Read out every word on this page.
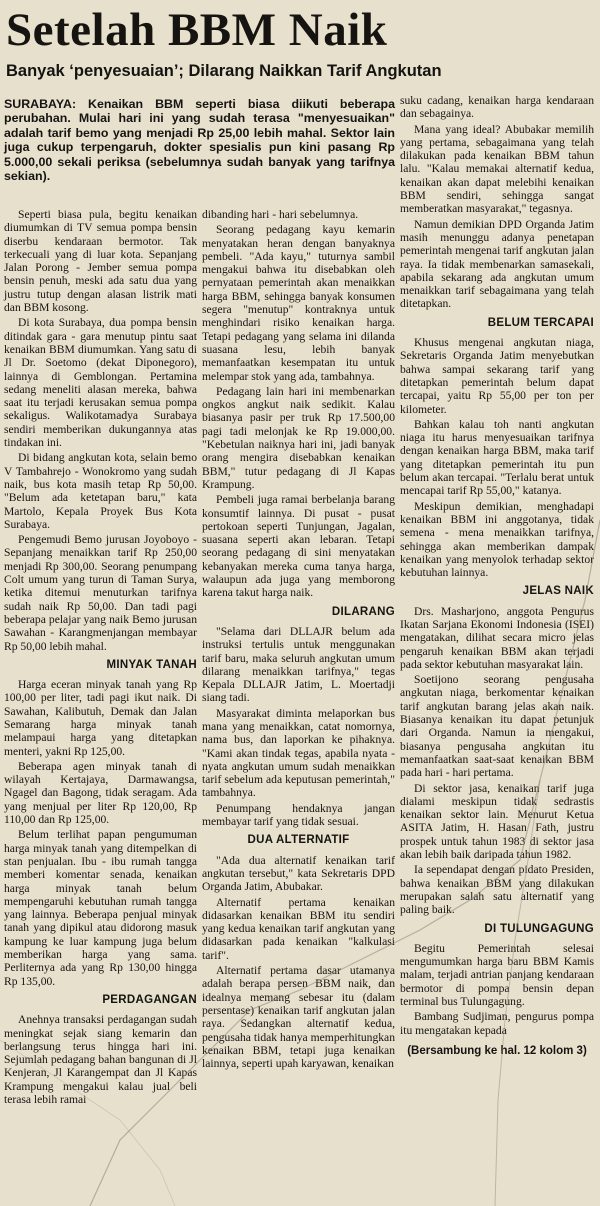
Setelah BBM Naik
Banyak ‘penyesuaian’; Dilarang Naikkan Tarif Angkutan
SURABAYA: Kenaikan BBM seperti biasa diikuti beberapa perubahan. Mulai hari ini yang sudah terasa "menyesuaikan" adalah tarif bemo yang menjadi Rp 25,00 lebih mahal. Sektor lain juga cukup terpengaruh, dokter spesialis pun kini pasang Rp 5.000,00 sekali periksa (sebelumnya sudah banyak yang tarifnya sekian).

Seperti biasa pula, begitu kenaikan diumumkan di TV semua pompa bensin diserbu kendaraan bermotor. Tak terkecuali yang di luar kota. Sepanjang Jalan Porong - Jember semua pompa bensin penuh, meski ada satu dua yang justru tutup dengan alasan listrik mati dan BBM kosong.

Di kota Surabaya, dua pompa bensin ditindak gara - gara menutup pintu saat kenaikan BBM diumumkan. Yang satu di Jl Dr. Soetomo (dekat Diponegoro), lainnya di Gemblongan. Pertamina sedang meneliti alasan mereka, bahwa saat itu terjadi kerusakan semua pompa sekaligus. Walikotamadya Surabaya sendiri memberikan dukungannya atas tindakan ini.

Di bidang angkutan kota, selain bemo V Tambahrejo - Wonokromo yang sudah naik, bus kota masih tetap Rp 50,00. "Belum ada ketetapan baru," kata Martolo, Kepala Proyek Bus Kota Surabaya.

Pengemudi Bemo jurusan Joyoboyo - Sepanjang menaikkan tarif Rp 250,00 menjadi Rp 300,00. Seorang penumpang Colt umum yang turun di Taman Surya, ketika ditemui menuturkan tarifnya sudah naik Rp 50,00. Dan tadi pagi beberapa pelajar yang naik Bemo jurusan Sawahan - Karangmenjangan membayar Rp 50,00 lebih mahal.

MINYAK TANAH

Harga eceran minyak tanah yang Rp 100,00 per liter, tadi pagi ikut naik. Di Sawahan, Kalibutuh, Demak dan Jalan Semarang harga minyak tanah melampaui harga yang ditetapkan menteri, yakni Rp 125,00.

Beberapa agen minyak tanah di wilayah Kertajaya, Darmawangsa, Ngagel dan Bagong, tidak seragam. Ada yang menjual per liter Rp 120,00, Rp 110,00 dan Rp 125,00.

Belum terlihat papan pengumuman harga minyak tanah yang ditempelkan di stan penjualan. Ibu - ibu rumah tangga memberi komentar senada, kenaikan harga minyak tanah belum mempengaruhi kebutuhan rumah tangga yang lainnya. Beberapa penjual minyak tanah yang dipikul atau didorong masuk kampung ke luar kampung juga belum memberikan harga yang sama. Perliternya ada yang Rp 130,00 hingga Rp 135,00.

PERDAGANGAN

Anehnya transaksi perdagangan sudah meningkat sejak siang kemarin dan berlangsung terus hingga hari ini. Sejumlah pedagang bahan bangunan di Jl Kenjeran, Jl Karangempat dan Jl Kapas Krampung mengakui kalau jual beli terasa lebih ramai

dibanding hari - hari sebelumnya.

Seorang pedagang kayu kemarin menyatakan heran dengan banyaknya pembeli. "Ada kayu," tuturnya sambil mengakui bahwa itu disebabkan oleh pernyataan pemerintah akan menaikkan harga BBM, sehingga banyak konsumen segera "menutup" kontraknya untuk menghindari risiko kenaikan harga. Tetapi pedagang yang selama ini dilanda suasana lesu, lebih banyak memanfaatkan kesempatan itu untuk melempar stok yang ada, tambahnya.

Pedagang lain hari ini membenarkan ongkos angkut naik sedikit. Kalau biasanya pasir per truk Rp 17.500,00 pagi tadi melonjak ke Rp 19.000,00. "Kebetulan naiknya hari ini, jadi banyak orang mengira disebabkan kenaikan BBM," tutur pedagang di Jl Kapas Krampung.

Pembeli juga ramai berbelanja barang konsumtif lainnya. Di pusat - pusat pertokoan seperti Tunjungan, Jagalan, suasana seperti akan lebaran. Tetapi seorang pedagang di sini menyatakan kebanyakan mereka cuma tanya harga, walaupun ada juga yang memborong karena takut harga naik.

DILARANG

"Selama dari DLLAJR belum ada instruksi tertulis untuk menggunakan tarif baru, maka seluruh angkutan umum dilarang menaikkan tarifnya," tegas Kepala DLLAJR Jatim, L. Moertadji siang tadi.

Masyarakat diminta melaporkan bus mana yang menaikkan, catat nomornya, nama bus, dan laporkan ke pihaknya. "Kami akan tindak tegas, apabila nyata - nyata angkutan umum sudah menaikkan tarif sebelum ada keputusan pemerintah," tambahnya.

Penumpang hendaknya jangan membayar tarif yang tidak sesuai.

DUA ALTERNATIF

"Ada dua alternatif kenaikan tarif angkutan tersebut," kata Sekretaris DPD Organda Jatim, Abubakar.

Alternatif pertama kenaikan didasarkan kenaikan BBM itu sendiri yang kedua kenaikan tarif angkutan yang didasarkan pada kenaikan "kalkulasi tarif".

Alternatif pertama dasar utamanya adalah berapa persen BBM naik, dan idealnya memang sebesar itu (dalam persentase) kenaikan tarif angkutan jalan raya. Sedangkan alternatif kedua, pengusaha tidak hanya memperhitungkan kenaikan BBM, tetapi juga kenaikan lainnya, seperti upah karyawan, kenaikan

suku cadang, kenaikan harga kendaraan dan sebagainya.

Mana yang ideal? Abubakar memilih yang pertama, sebagaimana yang telah dilakukan pada kenaikan BBM tahun lalu. "Kalau memakai alternatif kedua, kenaikan akan dapat melebihi kenaikan BBM sendiri, sehingga sangat memberatkan masyarakat," tegasnya.

Namun demikian DPD Organda Jatim masih menunggu adanya penetapan pemerintah mengenai tarif angkutan jalan raya. Ia tidak membenarkan samasekali, apabila sekarang ada angkutan umum menaikkan tarif sebagaimana yang telah ditetapkan.

BELUM TERCAPAI

Khusus mengenai angkutan niaga, Sekretaris Organda Jatim menyebutkan bahwa sampai sekarang tarif yang ditetapkan pemerintah belum dapat tercapai, yaitu Rp 55,00 per ton per kilometer.

Bahkan kalau toh nanti angkutan niaga itu harus menyesuaikan tarifnya dengan kenaikan harga BBM, maka tarif yang ditetapkan pemerintah itu pun belum akan tercapai. "Terlalu berat untuk mencapai tarif Rp 55,00," katanya.

Meskipun demikian, menghadapi kenaikan BBM ini anggotanya, tidak semena - mena menaikkan tarifnya, sehingga akan memberikan dampak kenaikan yang menyolok terhadap sektor kebutuhan lainnya.

JELAS NAIK

Drs. Masharjono, anggota Pengurus Ikatan Sarjana Ekonomi Indonesia (ISEI) mengatakan, dilihat secara micro jelas pengaruh kenaikan BBM akan terjadi pada sektor kebutuhan masyarakat lain.

Soetijono seorang pengusaha angkutan niaga, berkomentar kenaikan tarif angkutan barang jelas akan naik. Biasanya kenaikan itu dapat petunjuk dari Organda. Namun ia mengakui, biasanya pengusaha angkutan itu memanfaatkan saat-saat kenaikan BBM pada hari - hari pertama.

Di sektor jasa, kenaikan tarif juga dialami meskipun tidak sedrastis kenaikan sektor lain. Menurut Ketua ASITA Jatim, H. Hasan Fath, justru prospek untuk tahun 1983 di sektor jasa akan lebih baik daripada tahun 1982.

Ia sependapat dengan pidato Presiden, bahwa kenaikan BBM yang dilakukan merupakan salah satu alternatif yang paling baik.

DI TULUNGAGUNG

Begitu Pemerintah selesai mengumumkan harga baru BBM Kamis malam, terjadi antrian panjang kendaraan bermotor di pompa bensin depan terminal bus Tulungagung.

Bambang Sudjiman, pengurus pompa itu mengatakan kepada

(Bersambung ke hal. 12 kolom 3)
